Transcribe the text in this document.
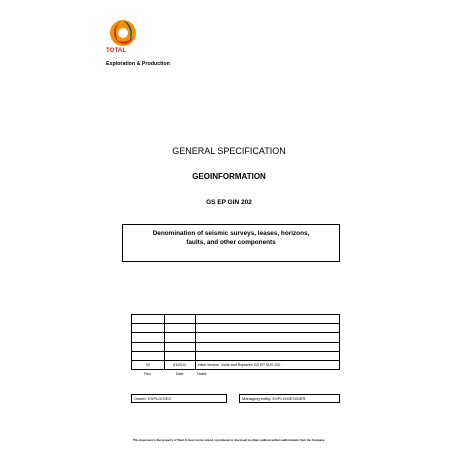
TOTAL
Exploration & Production
GENERAL SPECIFICATION
GEOINFORMATION
GS EP GIN 202
Denomination of seismic surveys, leases, horizons, faults, and other components

00	01/2012	Initial Version. Voids and Replaces GS EP SUG 202
Rev.	Date	Notes
Owner: EXPLO/GEO	Managing entity: EXPLO/GEO/DER
This document is the property of Total. It must not be stored, reproduced or disclosed to others without written authorisation from the Company.
